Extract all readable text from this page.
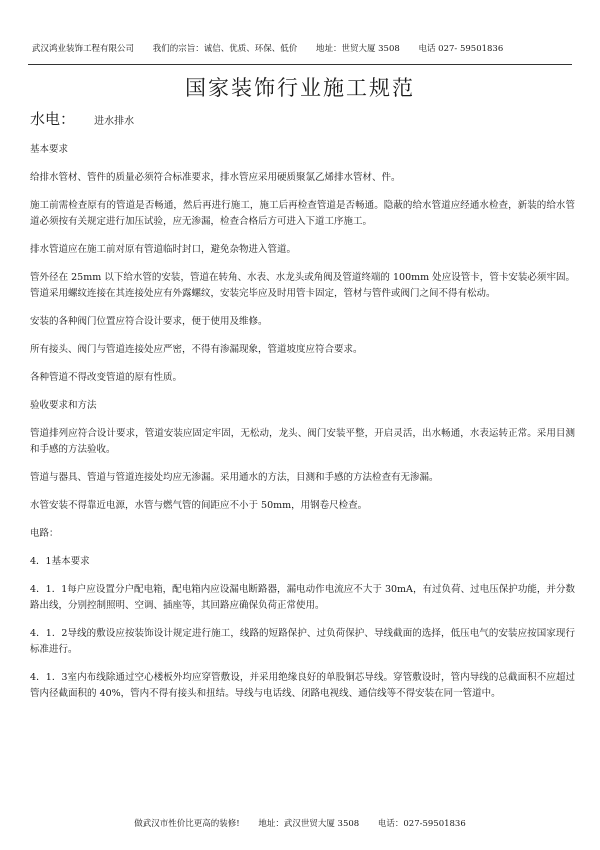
武汉鸿业装饰工程有限公司 我们的宗旨：诚信、优质、环保、低价 地址：世贸大厦 3508 电话 027- 59501836
国家装饰行业施工规范
水电： 进水排水

基本要求

给排水管材、管件的质量必须符合标准要求，排水管应采用硬质聚氯乙烯排水管材、件。

施工前需检查原有的管道是否畅通，然后再进行施工，施工后再检查管道是否畅通。隐蔽的给水管道应经通水检查，新装的给水管道必须按有关规定进行加压试验，应无渗漏，检查合格后方可进入下道工序施工。

排水管道应在施工前对原有管道临时封口，避免杂物进入管道。

管外径在 25mm 以下给水管的安装，管道在转角、水表、水龙头或角阀及管道终端的 100mm 处应设管卡，管卡安装必须牢固。管道采用螺纹连接在其连接处应有外露螺纹，安装完毕应及时用管卡固定，管材与管件或阀门之间不得有松动。

安装的各种阀门位置应符合设计要求，便于使用及维修。

所有接头、阀门与管道连接处应严密，不得有渗漏现象，管道坡度应符合要求。

各种管道不得改变管道的原有性质。

验收要求和方法

管道排列应符合设计要求，管道安装应固定牢固，无松动，龙头、阀门安装平整，开启灵活，出水畅通，水表运转正常。采用目测和手感的方法验收。

管道与器具、管道与管道连接处均应无渗漏。采用通水的方法，目测和手感的方法检查有无渗漏。

水管安装不得靠近电源，水管与燃气管的间距应不小于 50mm，用钢卷尺检查。

电路：

4．1基本要求

4．1．1每户应设置分户配电箱，配电箱内应设漏电断路器，漏电动作电流应不大于 30mA，有过负荷、过电压保护功能，并分数路出线，分别控制照明、空调、插座等，其回路应确保负荷正常使用。

4．1．2导线的敷设应按装饰设计规定进行施工，线路的短路保护、过负荷保护、导线截面的选择，低压电气的安装应按国家现行标准进行。

4．1．3室内布线除通过空心楼板外均应穿管敷设，并采用绝缘良好的单股铜芯导线。穿管敷设时，管内导线的总截面积不应超过管内径截面积的 40%，管内不得有接头和扭结。导线与电话线、闭路电视线、通信线等不得安装在同一管道中。

做武汉市性价比更高的装修! 地址：武汉世贸大厦 3508 电话：027-59501836
